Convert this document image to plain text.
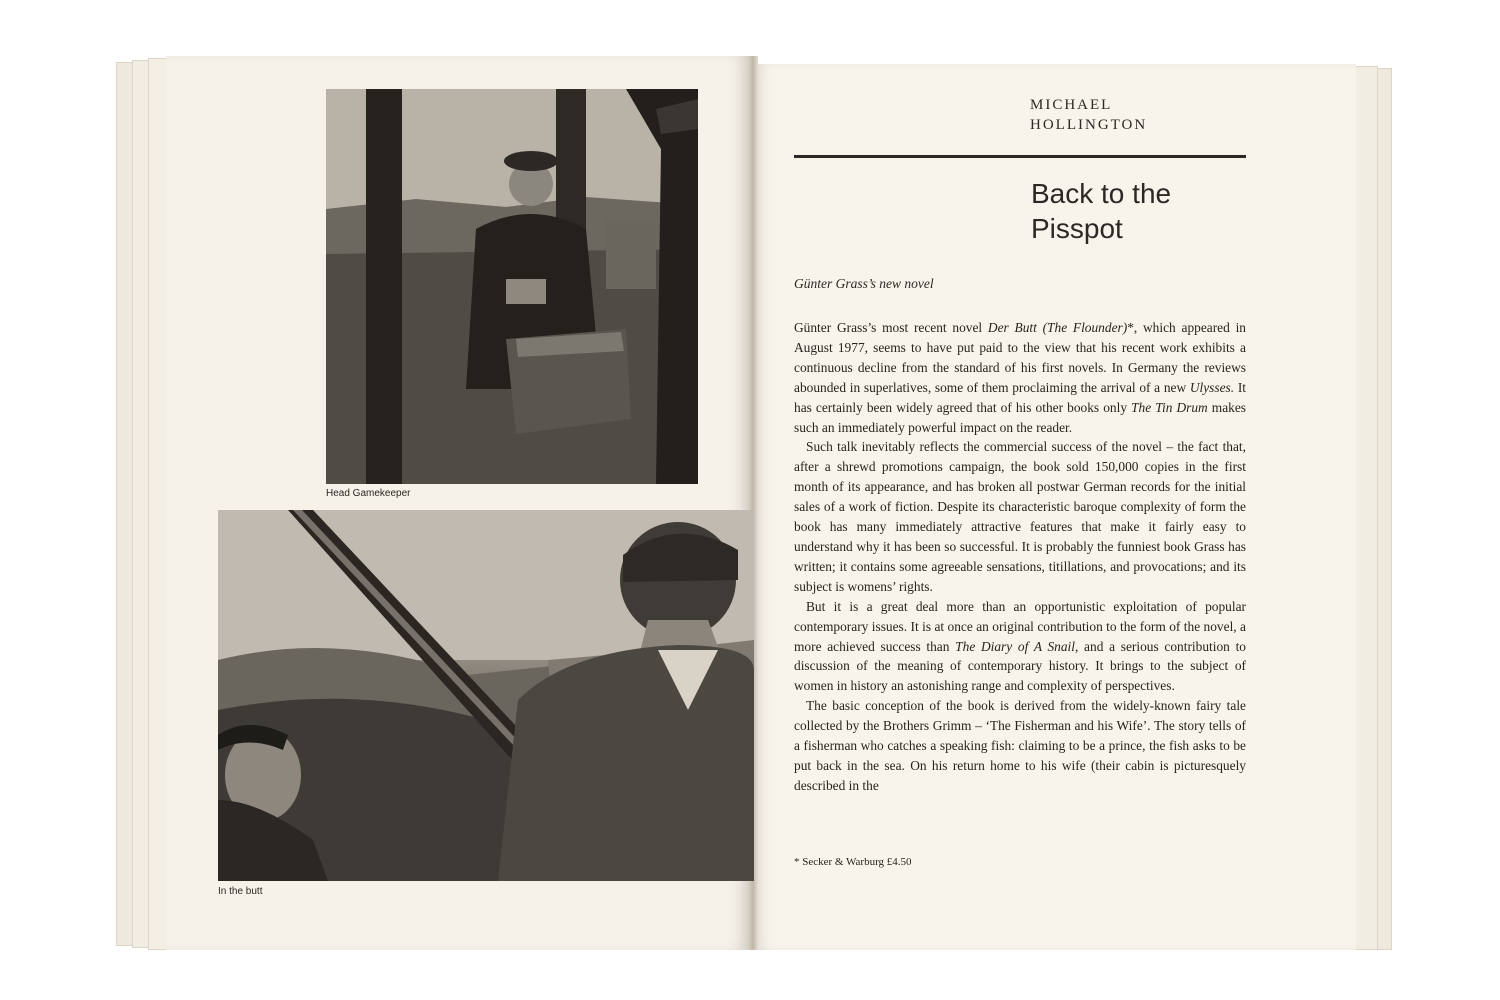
Head Gamekeeper
In the butt
MICHAEL
HOLLINGTON
Back to the
Pisspot
Günter Grass’s new novel

Günter Grass’s most recent novel Der Butt (The Flounder)*, which appeared in August 1977, seems to have put paid to the view that his recent work exhibits a continuous decline from the standard of his first novels. In Germany the reviews abounded in superlatives, some of them proclaiming the arrival of a new Ulysses. It has certainly been widely agreed that of his other books only The Tin Drum makes such an immediately powerful impact on the reader.

Such talk inevitably reflects the commercial success of the novel – the fact that, after a shrewd promotions campaign, the book sold 150,000 copies in the first month of its appearance, and has broken all postwar German records for the initial sales of a work of fiction. Despite its characteristic baroque complexity of form the book has many immediately attractive features that make it fairly easy to understand why it has been so successful. It is probably the funniest book Grass has written; it contains some agreeable sensations, titillations, and provocations; and its subject is womens’ rights.

But it is a great deal more than an opportunistic exploitation of popular contemporary issues. It is at once an original contribution to the form of the novel, a more achieved success than The Diary of A Snail, and a serious contribution to discussion of the meaning of contemporary history. It brings to the subject of women in history an astonishing range and complexity of perspectives.

The basic conception of the book is derived from the widely-known fairy tale collected by the Brothers Grimm – ‘The Fisherman and his Wife’. The story tells of a fisherman who catches a speaking fish: claiming to be a prince, the fish asks to be put back in the sea. On his return home to his wife (their cabin is picturesquely described in the

* Secker & Warburg £4.50
